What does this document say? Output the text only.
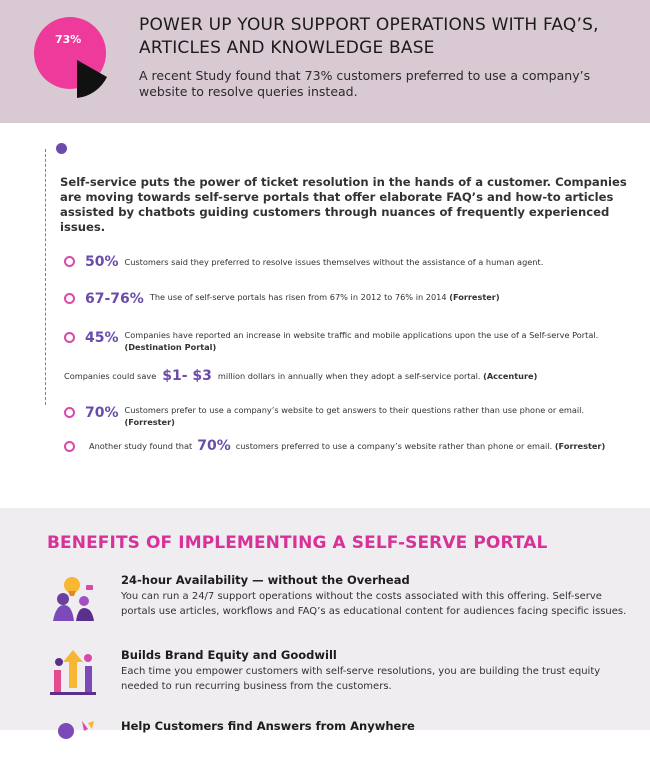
73%
POWER UP YOUR SUPPORT OPERATIONS WITH FAQ’S, ARTICLES AND KNOWLEDGE BASE
A recent Study found that 73% customers preferred to use a company’s website to resolve queries instead.
Self-service puts the power of ticket resolution in the hands of a customer. Companies are moving towards self-serve portals that offer elaborate FAQ’s and how-to articles assisted by chatbots guiding customers through nuances of frequently experienced issues.
50% Customers said they preferred to resolve issues themselves without the assistance of a human agent.
67-76% The use of self-serve portals has risen from 67% in 2012 to 76% in 2014 (Forrester)
45% Companies have reported an increase in website traffic and mobile applications upon the use of a Self-serve Portal.
(Destination Portal)
Companies could save $1- $3 million dollars in annually when they adopt a self-service portal.
(Accenture)
70% Customers prefer to use a company’s website to get answers to their questions rather than use phone or email.
(Forrester)
Another study found that 70% customers preferred to use a company’s website rather than phone or email.
(Forrester)
BENEFITS OF IMPLEMENTING A SELF-SERVE PORTAL
24-hour Availability — without the Overhead
You can run a 24/7 support operations without the costs associated with this offering. Self-serve portals use articles, workflows and FAQ’s as educational content for audiences facing specific issues.
Builds Brand Equity and Goodwill
Each time you empower customers with self-serve resolutions, you are building the trust equity needed to run recurring business from the customers.
Help Customers find Answers from Anywhere
